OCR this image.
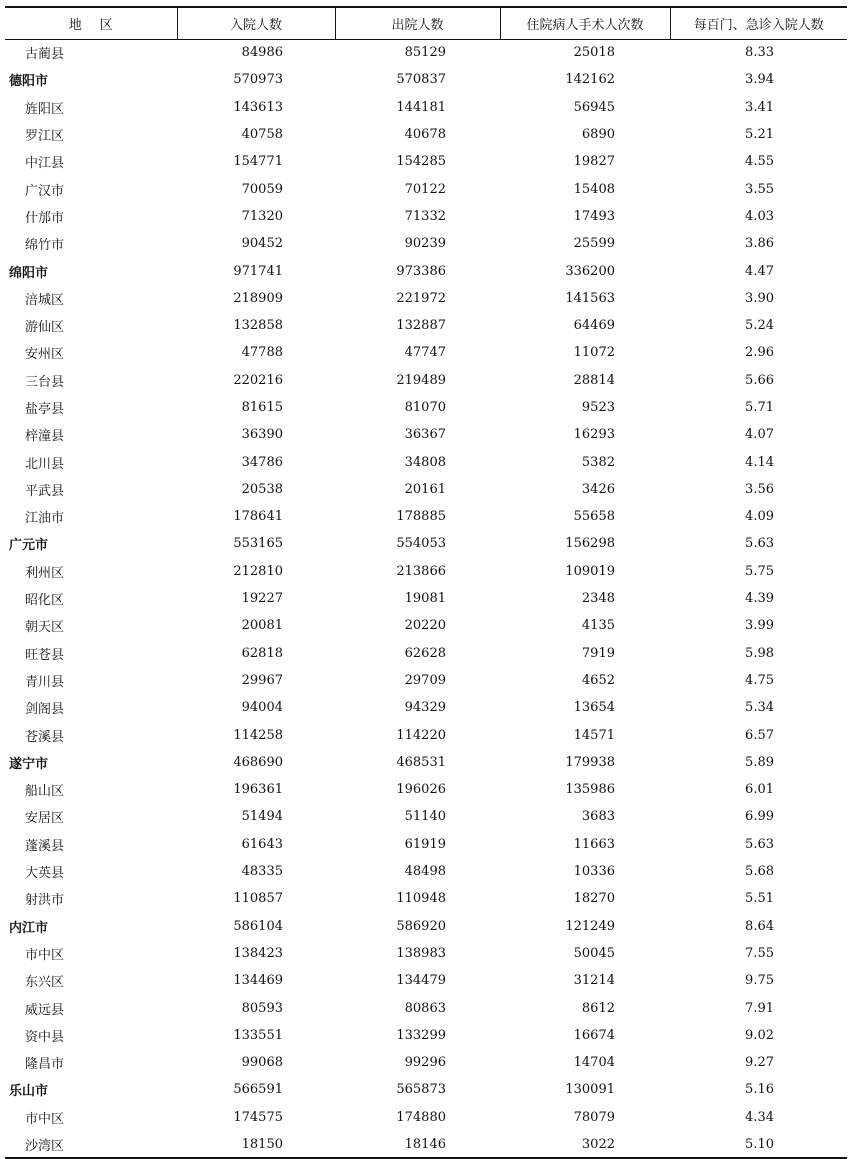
地 区	入院人数	出院人数	住院病人手术人次数	每百门、急诊入院人数
古蔺县	84986	85129	25018	8.33
德阳市	570973	570837	142162	3.94
旌阳区	143613	144181	56945	3.41
罗江区	40758	40678	6890	5.21
中江县	154771	154285	19827	4.55
广汉市	70059	70122	15408	3.55
什邡市	71320	71332	17493	4.03
绵竹市	90452	90239	25599	3.86
绵阳市	971741	973386	336200	4.47
涪城区	218909	221972	141563	3.90
游仙区	132858	132887	64469	5.24
安州区	47788	47747	11072	2.96
三台县	220216	219489	28814	5.66
盐亭县	81615	81070	9523	5.71
梓潼县	36390	36367	16293	4.07
北川县	34786	34808	5382	4.14
平武县	20538	20161	3426	3.56
江油市	178641	178885	55658	4.09
广元市	553165	554053	156298	5.63
利州区	212810	213866	109019	5.75
昭化区	19227	19081	2348	4.39
朝天区	20081	20220	4135	3.99
旺苍县	62818	62628	7919	5.98
青川县	29967	29709	4652	4.75
剑阁县	94004	94329	13654	5.34
苍溪县	114258	114220	14571	6.57
遂宁市	468690	468531	179938	5.89
船山区	196361	196026	135986	6.01
安居区	51494	51140	3683	6.99
蓬溪县	61643	61919	11663	5.63
大英县	48335	48498	10336	5.68
射洪市	110857	110948	18270	5.51
内江市	586104	586920	121249	8.64
市中区	138423	138983	50045	7.55
东兴区	134469	134479	31214	9.75
威远县	80593	80863	8612	7.91
资中县	133551	133299	16674	9.02
隆昌市	99068	99296	14704	9.27
乐山市	566591	565873	130091	5.16
市中区	174575	174880	78079	4.34
沙湾区	18150	18146	3022	5.10
